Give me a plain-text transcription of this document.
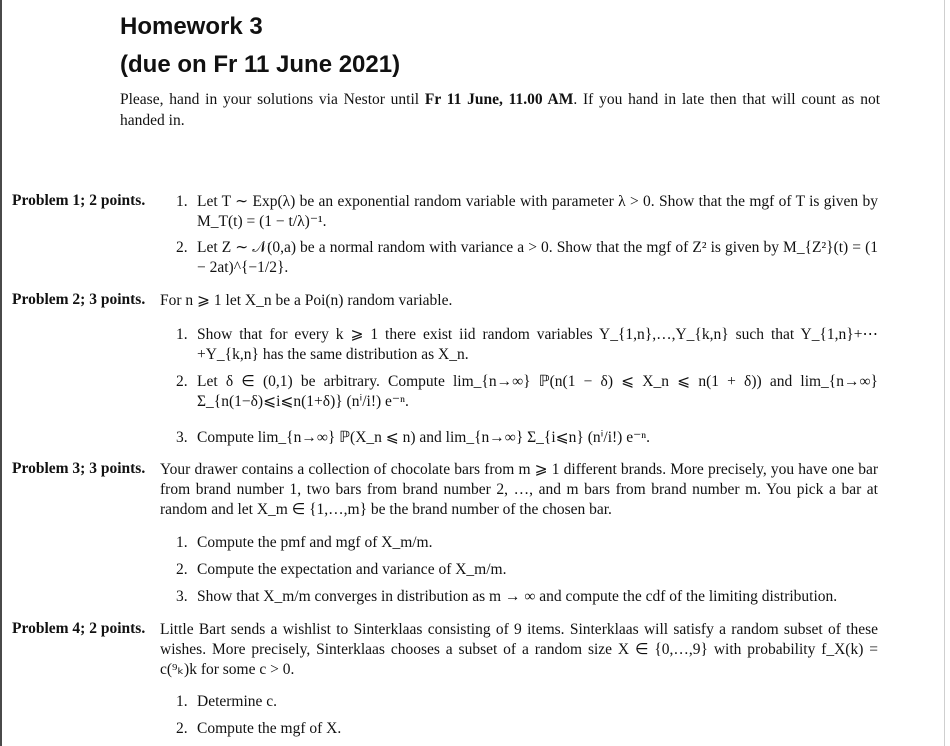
Homework 3
(due on Fr 11 June 2021)
Please, hand in your solutions via Nestor until Fr 11 June, 11.00 AM. If you hand in late then that will count as not handed in.
Problem 1; 2 points. 1. Let T ∼ Exp(λ) be an exponential random variable with parameter λ > 0. Show that the mgf of T is given by M_T(t) = (1 − t/λ)⁻¹.
2. Let Z ∼ 𝒩(0,a) be a normal random with variance a > 0. Show that the mgf of Z² is given by M_{Z²}(t) = (1 − 2at)^{−1/2}.
Problem 2; 3 points. For n ⩾ 1 let X_n be a Poi(n) random variable.
1. Show that for every k ⩾ 1 there exist iid random variables Y_{1,n},…,Y_{k,n} such that Y_{1,n}+⋯+Y_{k,n} has the same distribution as X_n.
2. Let δ ∈ (0,1) be arbitrary. Compute lim_{n→∞} ℙ(n(1 − δ) ⩽ X_n ⩽ n(1 + δ)) and lim_{n→∞} Σ_{n(1−δ)⩽i⩽n(1+δ)} (nⁱ/i!) e⁻ⁿ.
3. Compute lim_{n→∞} ℙ(X_n ⩽ n) and lim_{n→∞} Σ_{i⩽n} (nⁱ/i!) e⁻ⁿ.
Problem 3; 3 points. Your drawer contains a collection of chocolate bars from m ⩾ 1 different brands. More precisely, you have one bar from brand number 1, two bars from brand number 2, …, and m bars from brand number m. You pick a bar at random and let X_m ∈ {1,…,m} be the brand number of the chosen bar.
1. Compute the pmf and mgf of X_m/m.
2. Compute the expectation and variance of X_m/m.
3. Show that X_m/m converges in distribution as m → ∞ and compute the cdf of the limiting distribution.
Problem 4; 2 points. Little Bart sends a wishlist to Sinterklaas consisting of 9 items. Sinterklaas will satisfy a random subset of these wishes. More precisely, Sinterklaas chooses a subset of a random size X ∈ {0,…,9} with probability f_X(k) = c(⁹ₖ)k for some c > 0.
1. Determine c.
2. Compute the mgf of X.
